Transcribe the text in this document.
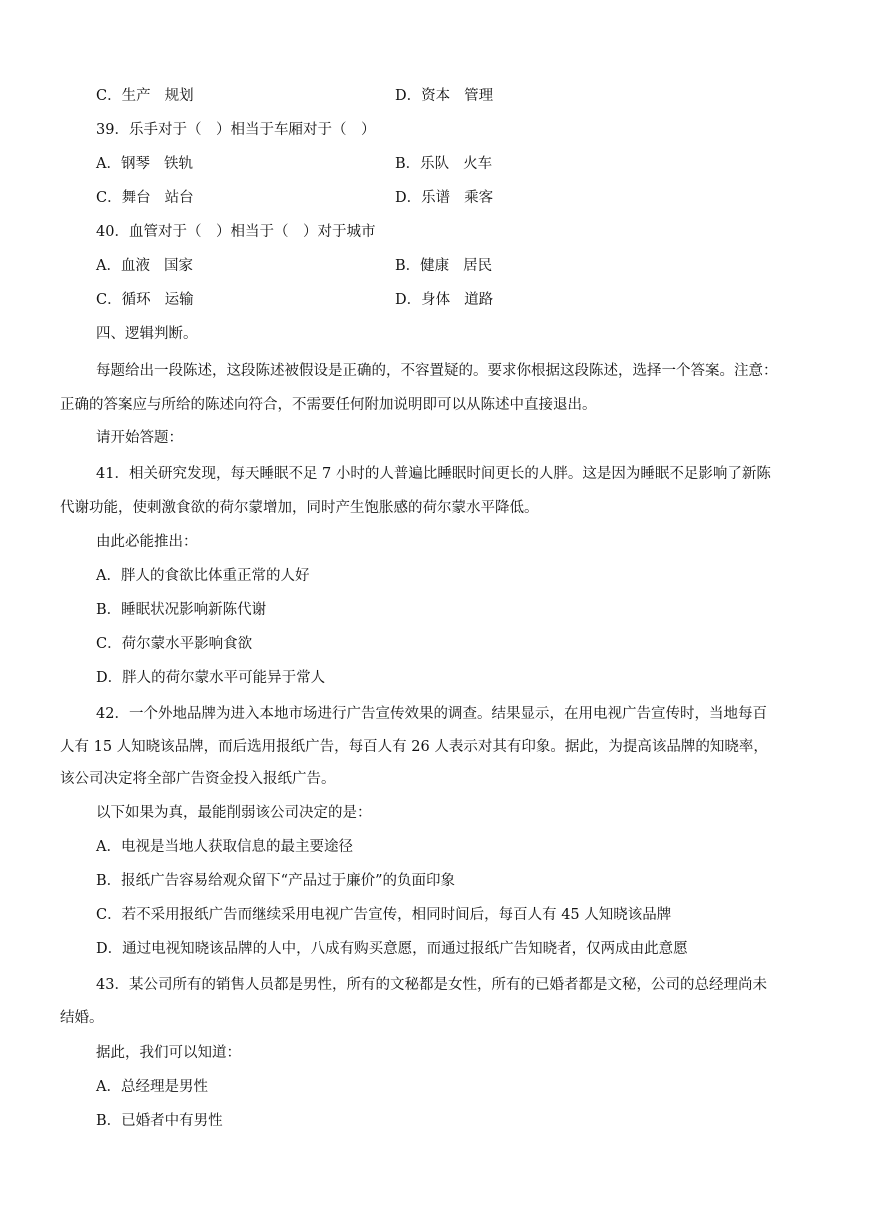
C．生产 规划	D．资本 管理
39．乐手对于（　）相当于车厢对于（　）
A．钢琴 铁轨	B．乐队 火车
C．舞台 站台	D．乐谱 乘客
40．血管对于（　）相当于（　）对于城市
A．血液 国家	B．健康 居民
C．循环 运输	D．身体 道路
四、逻辑判断。
每题给出一段陈述，这段陈述被假设是正确的，不容置疑的。要求你根据这段陈述，选择一个答案。注意：
正确的答案应与所给的陈述向符合，不需要任何附加说明即可以从陈述中直接退出。
请开始答题：
41．相关研究发现，每天睡眠不足 7 小时的人普遍比睡眠时间更长的人胖。这是因为睡眠不足影响了新陈
代谢功能，使刺激食欲的荷尔蒙增加，同时产生饱胀感的荷尔蒙水平降低。
由此必能推出：
A．胖人的食欲比体重正常的人好
B．睡眠状况影响新陈代谢
C．荷尔蒙水平影响食欲
D．胖人的荷尔蒙水平可能异于常人
42．一个外地品牌为进入本地市场进行广告宣传效果的调查。结果显示，在用电视广告宣传时，当地每百
人有 15 人知晓该品牌，而后选用报纸广告，每百人有 26 人表示对其有印象。据此，为提高该品牌的知晓率，
该公司决定将全部广告资金投入报纸广告。
以下如果为真，最能削弱该公司决定的是：
A．电视是当地人获取信息的最主要途径
B．报纸广告容易给观众留下“产品过于廉价”的负面印象
C．若不采用报纸广告而继续采用电视广告宣传，相同时间后，每百人有 45 人知晓该品牌
D．通过电视知晓该品牌的人中，八成有购买意愿，而通过报纸广告知晓者，仅两成由此意愿
43．某公司所有的销售人员都是男性，所有的文秘都是女性，所有的已婚者都是文秘，公司的总经理尚未
结婚。
据此，我们可以知道：
A．总经理是男性
B．已婚者中有男性
